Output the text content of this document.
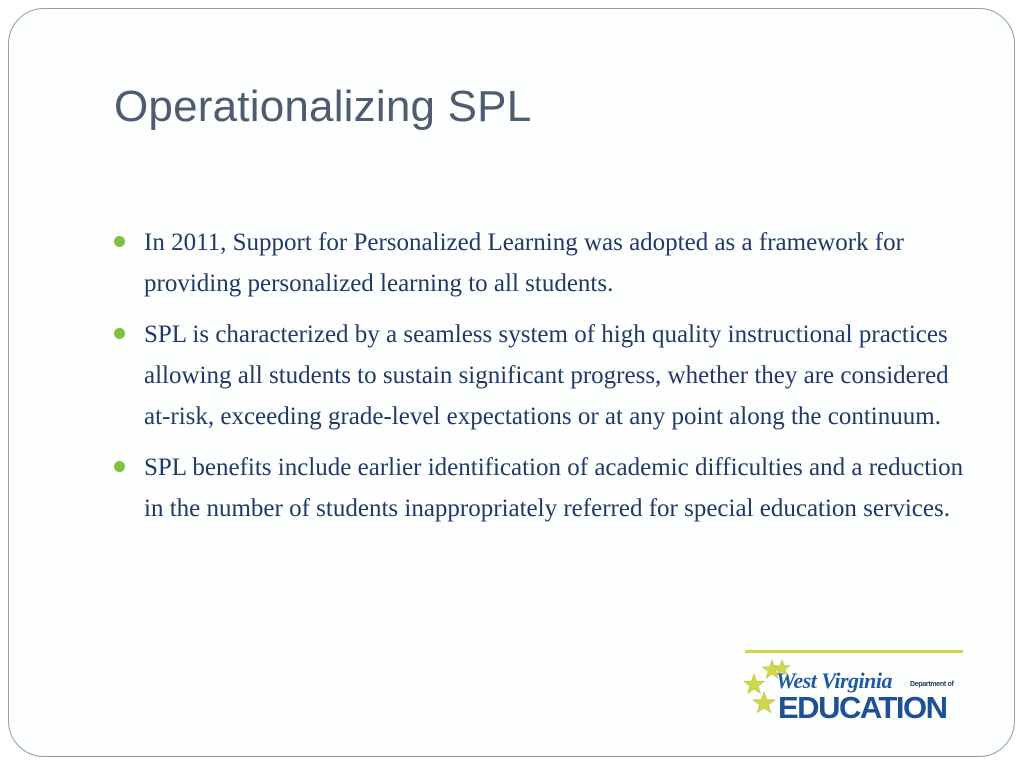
Operationalizing SPL
In 2011, Support for Personalized Learning was adopted as a framework for providing personalized learning to all students.
SPL is characterized by a seamless system of high quality instructional practices allowing all students to sustain significant progress, whether they are considered at-risk, exceeding grade-level expectations or at any point along the continuum.
SPL benefits include earlier identification of academic difficulties and a reduction in the number of students inappropriately referred for special education services.
West Virginia	Department of
EDUCATION
